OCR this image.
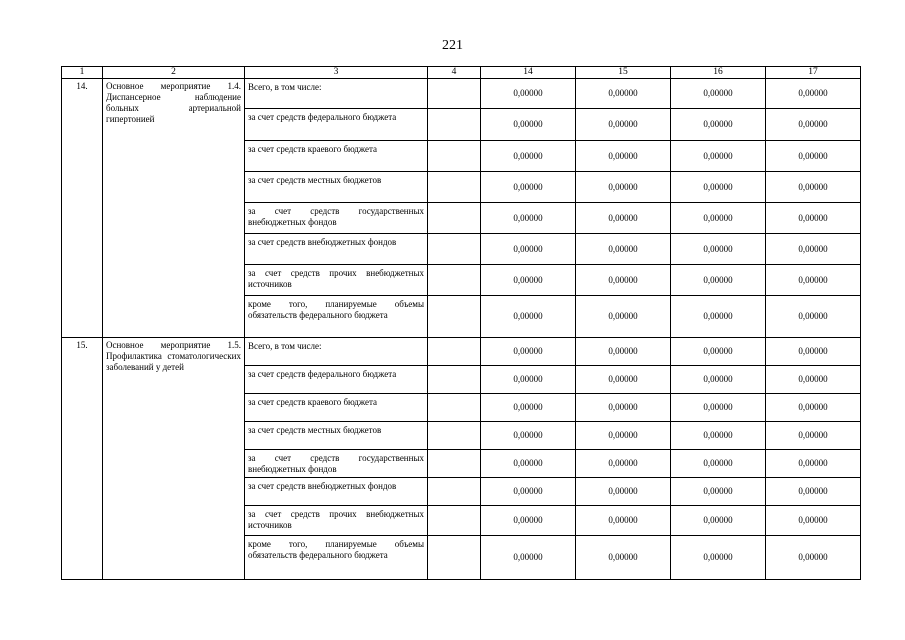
221
1	2	3	4	14	15	16	17
14.	Основное мероприятие 1.4. Диспансерное наблюдение больных артериальной гипертонией	Всего, в том числе:		0,00000	0,00000	0,00000	0,00000
		за счет средств федерального бюджета		0,00000	0,00000	0,00000	0,00000
		за счет средств краевого бюджета		0,00000	0,00000	0,00000	0,00000
		за счет средств местных бюджетов		0,00000	0,00000	0,00000	0,00000
		за счет средств государственных внебюджетных фондов		0,00000	0,00000	0,00000	0,00000
		за счет средств внебюджетных фондов		0,00000	0,00000	0,00000	0,00000
		за счет средств прочих внебюджетных источников		0,00000	0,00000	0,00000	0,00000
		кроме того, планируемые объемы обязательств федерального бюджета		0,00000	0,00000	0,00000	0,00000
15.	Основное мероприятие 1.5. Профилактика стоматологических заболеваний у детей	Всего, в том числе:		0,00000	0,00000	0,00000	0,00000
		за счет средств федерального бюджета		0,00000	0,00000	0,00000	0,00000
		за счет средств краевого бюджета		0,00000	0,00000	0,00000	0,00000
		за счет средств местных бюджетов		0,00000	0,00000	0,00000	0,00000
		за счет средств государственных внебюджетных фондов		0,00000	0,00000	0,00000	0,00000
		за счет средств внебюджетных фондов		0,00000	0,00000	0,00000	0,00000
		за счет средств прочих внебюджетных источников		0,00000	0,00000	0,00000	0,00000
		кроме того, планируемые объемы обязательств федерального бюджета		0,00000	0,00000	0,00000	0,00000
